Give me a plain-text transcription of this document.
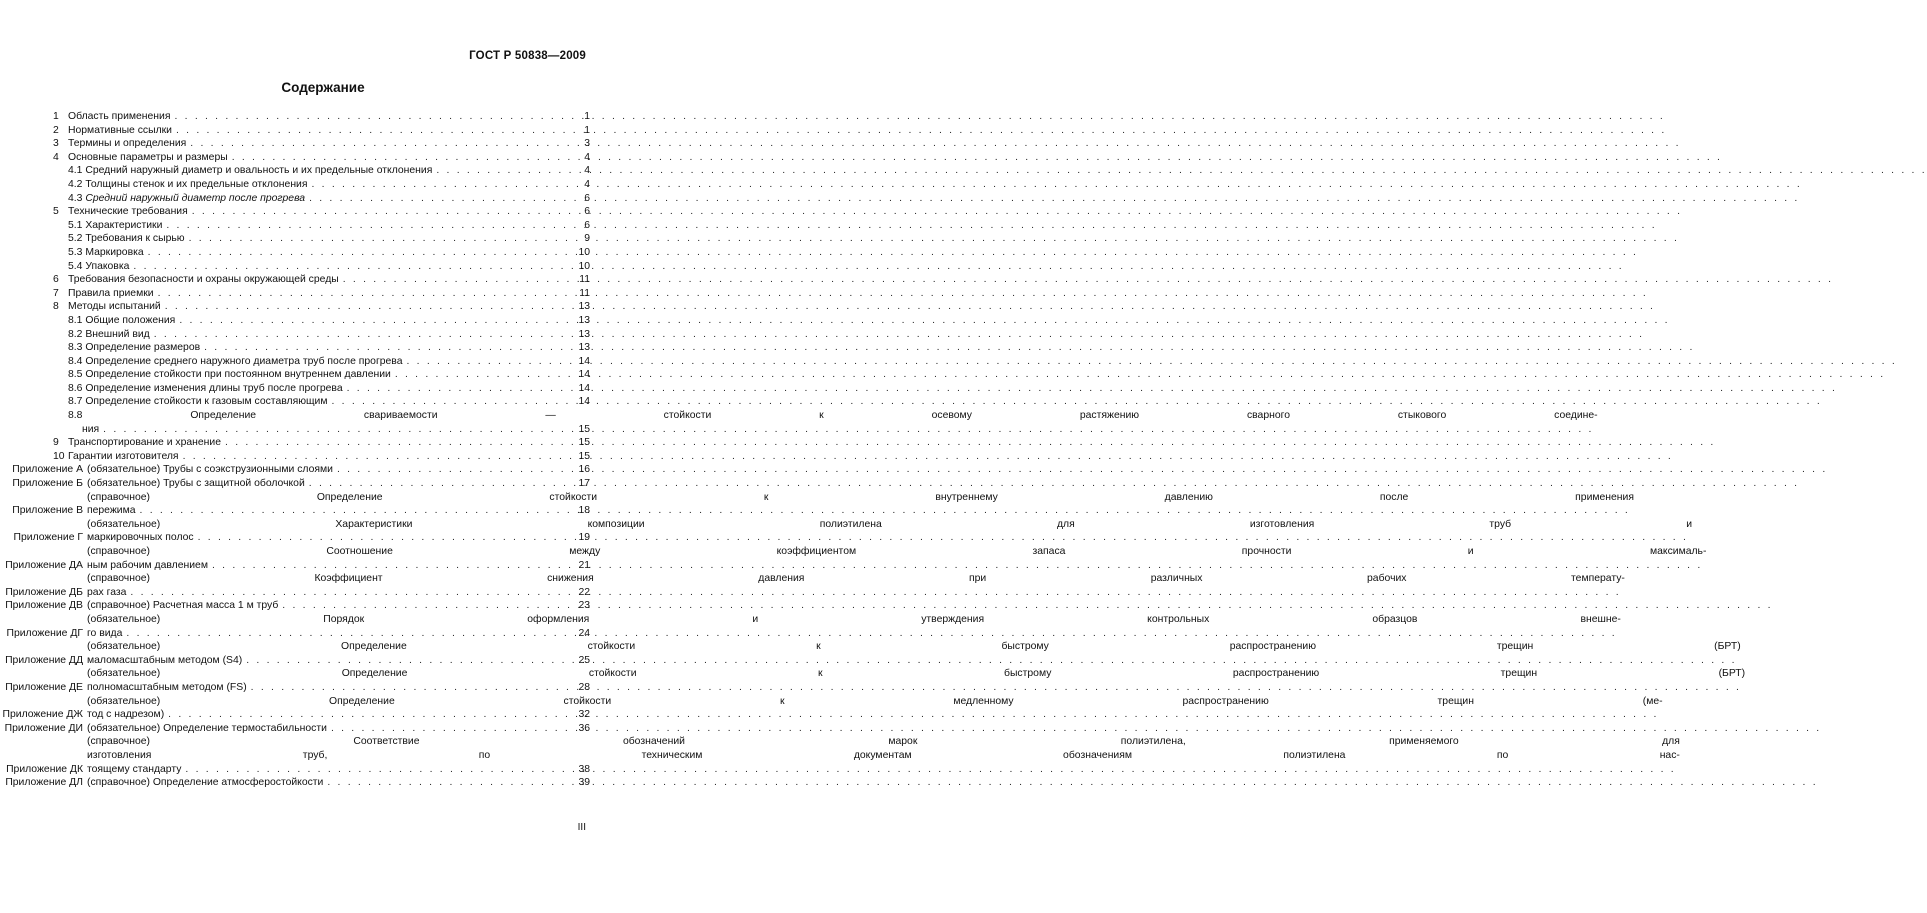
ГОСТ Р 50838—2009
Содержание
1 Область применения . . .	1
2 Нормативные ссылки . . .	1
3 Термины и определения . . .	3
4 Основные параметры и размеры . . .	4
4.1 Средний наружный диаметр и овальность и их предельные отклонения . . .	4
4.2 Толщины стенок и их предельные отклонения . . .	4
4.3 Средний наружный диаметр после прогрева . . .	6
5 Технические требования . . .	6
5.1 Характеристики . . .	6
5.2 Требования к сырью . . .	9
5.3 Маркировка . . .	10
5.4 Упаковка . . .	10
6 Требования безопасности и охраны окружающей среды . . .	11
7 Правила приемки . . .	11
8 Методы испытаний . . .	13
8.1 Общие положения . . .	13
8.2 Внешний вид . . .	13
8.3 Определение размеров . . .	13
8.4 Определение среднего наружного диаметра труб после прогрева . . .	14
8.5 Определение стойкости при постоянном внутреннем давлении . . .	14
8.6 Определение изменения длины труб после прогрева . . .	14
8.7 Определение стойкости к газовым составляющим . . .	14
8.8 Определение свариваемости — стойкости к осевому растяжению сварного стыкового соедине-
ния . . .	15
9 Транспортирование и хранение . . .	15
10 Гарантии изготовителя . . .	15
Приложение А (обязательное) Трубы с соэкструзионными слоями . . .	16
Приложение Б (обязательное) Трубы с защитной оболочкой . . .	17
Приложение В
(справочное) Определение стойкости к внутреннему давлению после применения
пережима . . .	18
Приложение Г
(обязательное) Характеристики композиции полиэтилена для изготовления труб и
маркировочных полос . . .	19
Приложение ДА
(справочное) Соотношение между коэффициентом запаса прочности и максималь-
ным рабочим давлением . . .	21
Приложение ДБ
(справочное) Коэффициент снижения давления при различных рабочих температу-
рах газа . . .	22
Приложение ДВ (справочное) Расчетная масса 1 м труб . . .	23
Приложение ДГ
(обязательное) Порядок оформления и утверждения контрольных образцов внешне-
го вида . . .	24
Приложение ДД
(обязательное) Определение стойкости к быстрому распространению трещин (БРТ)
маломасштабным методом (S4) . . .	25
Приложение ДЕ
(обязательное) Определение стойкости к быстрому распространению трещин (БРТ)
полномасштабным методом (FS) . . .	28
Приложение ДЖ
(обязательное) Определение стойкости к медленному распространению трещин (ме-
тод с надрезом) . . .	32
Приложение ДИ (обязательное) Определение термостабильности . . .	36
Приложение ДК
(справочное) Соответствие обозначений марок полиэтилена, применяемого для
изготовления труб, по техническим документам обозначениям полиэтилена по нас-
тоящему стандарту . . .	38
Приложение ДЛ (справочное) Определение атмосферостойкости . . .	39
III
